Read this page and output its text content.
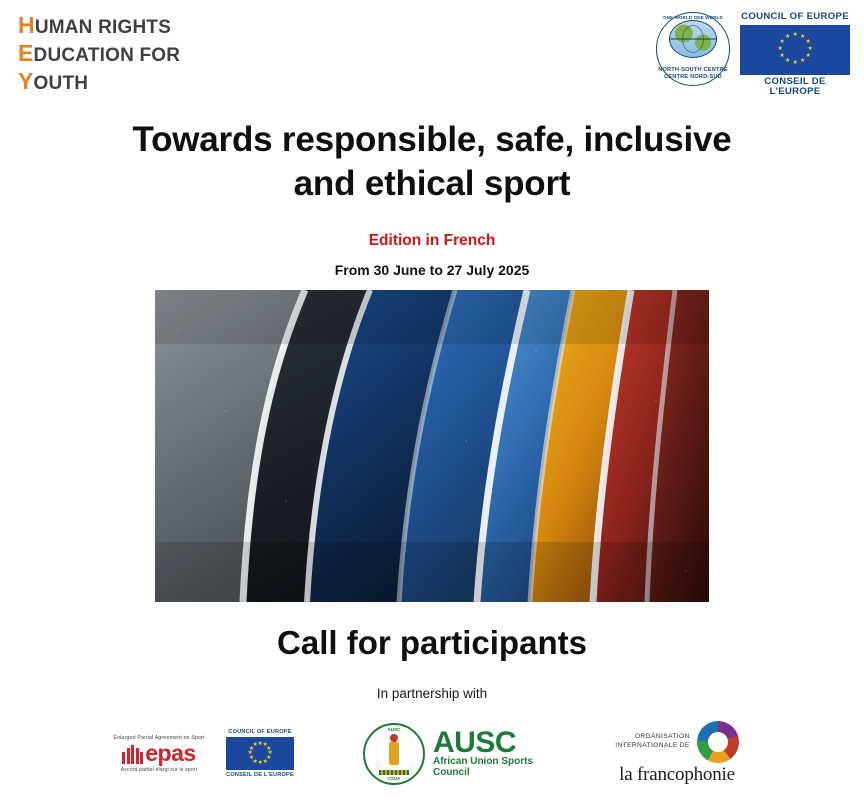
HUMAN RIGHTS
EDUCATION FOR
YOUTH
ONE WORLD ONE WORLD
NORTH-SOUTH CENTRE
CENTRE NORD-SUD
COUNCIL OF EUROPE
★ ★
★
★
★
★
★
★
★
★
★
★
CONSEIL DE L'EUROPE
Towards responsible, safe, inclusive
and ethical sport
Edition in French
From 30 June to 27 July 2025
Call for participants
In partnership with
Enlarged Partial Agreement on Sport
epas
Accord partiel élargi sur le sport
COUNCIL OF EUROPE
★ ★
★
★
★
★
★
★
★
★
★
★
CONSEIL DE L'EUROPE
AUSC
CSUA
AUSC
African Union Sports
Council
ORGANISATION
INTERNATIONALE DE
la francophonie
